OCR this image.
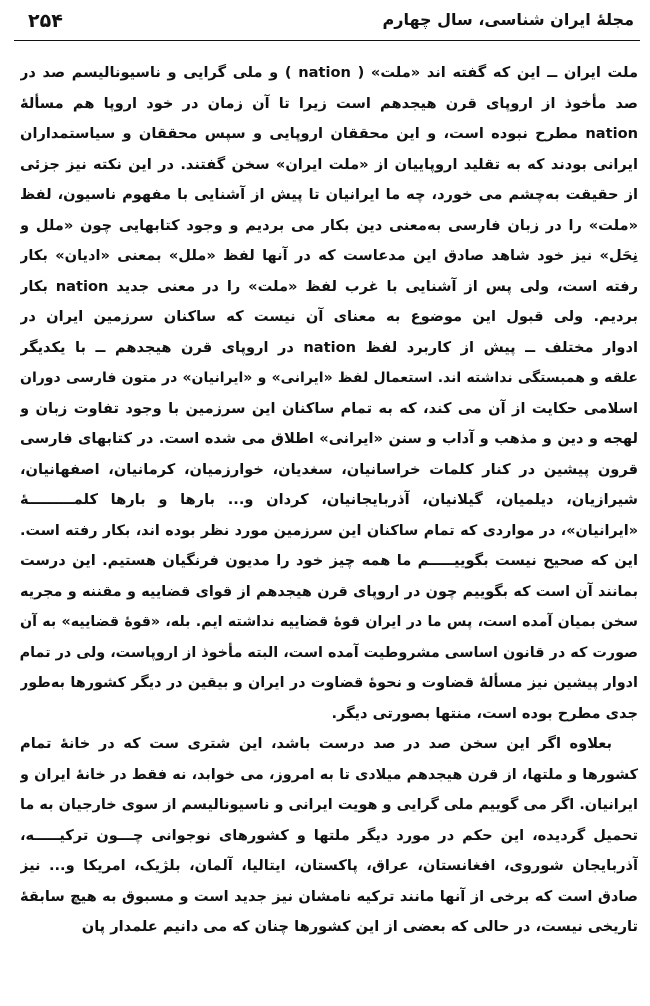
مجلهٔ ایران شناسی، سال چهارم
۲۵۴
ملت ایران ــ این که گفته اند «ملت» ( nation ) و ملی گرایی و ناسیونالیسم صد در
صد مأخوذ از اروپای قرن هیجدهم است زیرا تا آن زمان در خود اروپا هم مسألهٔ
nation مطرح نبوده است، و این محققان اروپایی و سپس محققان و سیاستمداران
ایرانی بودند که به تقلید اروپاییان از «ملت ایران» سخن گفتند. در این نکته نیز جزئی
از حقیقت به‌چشم می خورد، چه ما ایرانیان تا پیش از آشنایی با مفهوم ناسیون، لفظ
«ملت» را در زبان فارسی به‌معنی دین بکار می بردیم و وجود کتابهایی چون «ملل و
نِحَل» نیز خود شاهد صادق این مدعاست که در آنها لفظ «ملل» بمعنی «ادیان» بکار
رفته است، ولی پس از آشنایی با غرب لفظ «ملت» را در معنی جدید nation بکار
بردیم. ولی قبول این موضوع به معنای آن نیست که ساکنان سرزمین ایران در
ادوار مختلف ــ پیش از کاربرد لفظ nation در اروپای قرن هیجدهم ــ با یکدیگر
علقه و همبستگی نداشته اند. استعمال لفظ «ایرانی» و «ایرانیان» در متون فارسی دوران
اسلامی حکایت از آن می کند، که به تمام ساکنان این سرزمین با وجود تفاوت زبان و
لهجه و دین و مذهب و آداب و سنن «ایرانی» اطلاق می شده است. در کتابهای فارسی
قرون پیشین در کنار کلمات خراسانیان، سغدیان، خوارزمیان، کرمانیان، اصفهانیان،
شیرازیان، دیلمیان، گیلانیان، آذربایجانیان، کردان و... بارها و بارها کلمـــــــــهٔ
«ایرانیان»، در مواردی که تمام ساکنان این سرزمین مورد نظر بوده اند، بکار رفته است.
این که صحیح نیست بگوییـــــم ما همه چیز خود را مدیون فرنگیان هستیم. این درست
بمانند آن است که بگوییم چون در اروپای قرن هیجدهم از قوای قضاییه و مقننه و مجریه
سخن بمیان آمده است، پس ما در ایران قوهٔ قضاییه نداشته ایم. بله، «قوهٔ قضاییه» به آن
صورت که در قانون اساسی مشروطیت آمده است، البته مأخوذ از اروپاست، ولی در تمام
ادوار پیشین نیز مسألهٔ قضاوت و نحوهٔ قضاوت در ایران و بیقین در دیگر کشورها به‌طور
جدی مطرح بوده است، منتها بصورتی دیگر.
بعلاوه اگر این سخن صد در صد درست باشد، این شتری ست که در خانهٔ تمام
کشورها و ملتها، از قرن هیجدهم میلادی تا به امروز، می خوابد، نه فقط در خانهٔ ایران و
ایرانیان. اگر می گوییم ملی گرایی و هویت ایرانی و ناسیونالیسم از سوی خارجیان به ما
تحمیل گردیده، این حکم در مورد دیگر ملتها و کشورهای نوجوانی چـــون ترکیـــــه،
آذربایجان شوروی، افغانستان، عراق، پاکستان، ایتالیا، آلمان، بلژیک، امریکا و... نیز
صادق است که برخی از آنها مانند ترکیه نامشان نیز جدید است و مسبوق به هیچ سابقهٔ
تاریخی نیست، در حالی که بعضی از این کشورها چنان که می دانیم علمدار پان
